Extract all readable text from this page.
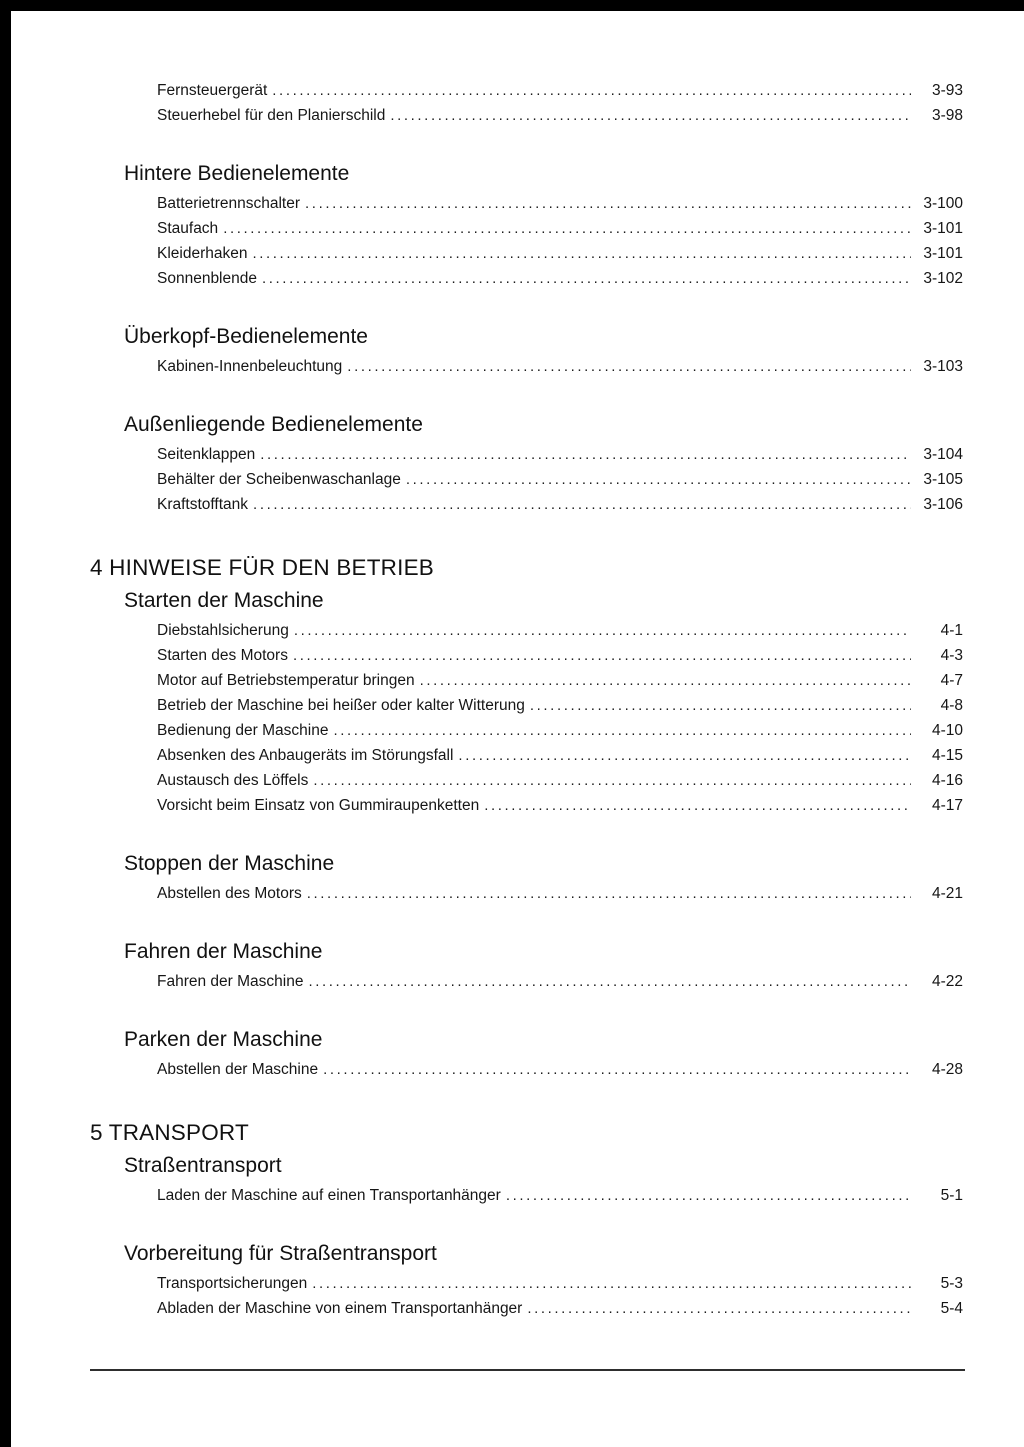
Fernsteuergerät .....	3-93
Steuerhebel für den Planierschild .....	3-98
Hintere Bedienelemente
Batterietrennschalter .....	3-100
Staufach .....	3-101
Kleiderhaken .....	3-101
Sonnenblende .....	3-102
Überkopf-Bedienelemente
Kabinen-Innenbeleuchtung .....	3-103
Außenliegende Bedienelemente
Seitenklappen .....	3-104
Behälter der Scheibenwaschanlage .....	3-105
Kraftstofftank .....	3-106
4 HINWEISE FÜR DEN BETRIEB
Starten der Maschine
Diebstahlsicherung .....	4-1
Starten des Motors .....	4-3
Motor auf Betriebstemperatur bringen .....	4-7
Betrieb der Maschine bei heißer oder kalter Witterung .....	4-8
Bedienung der Maschine .....	4-10
Absenken des Anbaugeräts im Störungsfall .....	4-15
Austausch des Löffels .....	4-16
Vorsicht beim Einsatz von Gummiraupenketten .....	4-17
Stoppen der Maschine
Abstellen des Motors .....	4-21
Fahren der Maschine
Fahren der Maschine .....	4-22
Parken der Maschine
Abstellen der Maschine .....	4-28
5 TRANSPORT
Straßentransport
Laden der Maschine auf einen Transportanhänger .....	5-1
Vorbereitung für Straßentransport
Transportsicherungen .....	5-3
Abladen der Maschine von einem Transportanhänger .....	5-4
